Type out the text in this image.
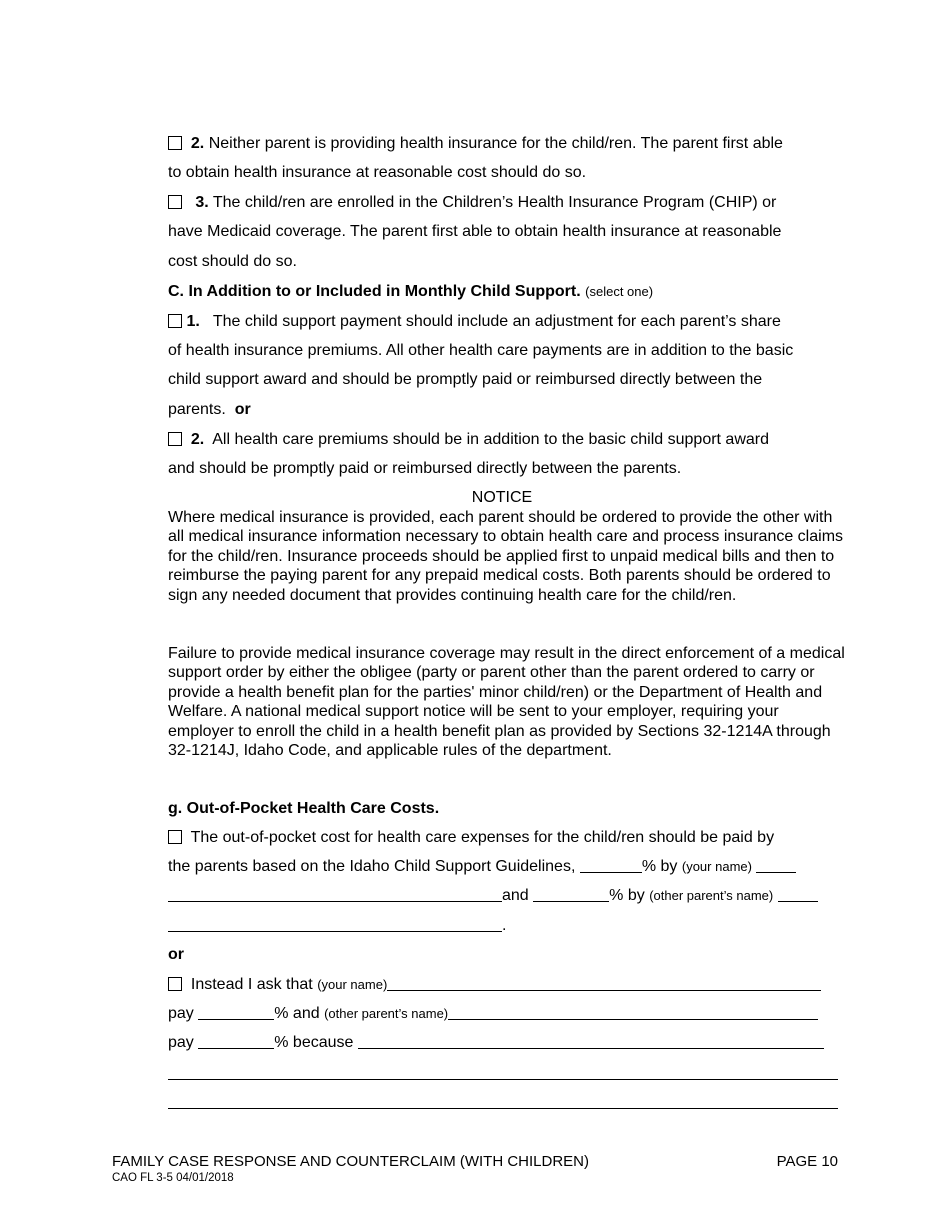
2. Neither parent is providing health insurance for the child/ren. The parent first able
to obtain health insurance at reasonable cost should do so.
3. The child/ren are enrolled in the Children’s Health Insurance Program (CHIP) or
have Medicaid coverage. The parent first able to obtain health insurance at reasonable
cost should do so.
C. In Addition to or Included in Monthly Child Support. (select one)
1. The child support payment should include an adjustment for each parent’s share
of health insurance premiums. All other health care payments are in addition to the basic
child support award and should be promptly paid or reimbursed directly between the
parents. or
2. All health care premiums should be in addition to the basic child support award
and should be promptly paid or reimbursed directly between the parents.
NOTICE
Where medical insurance is provided, each parent should be ordered to provide the other with all medical insurance information necessary to obtain health care and process insurance claims for the child/ren. Insurance proceeds should be applied first to unpaid medical bills and then to reimburse the paying parent for any prepaid medical costs. Both parents should be ordered to sign any needed document that provides continuing health care for the child/ren.
Failure to provide medical insurance coverage may result in the direct enforcement of a medical support order by either the obligee (party or parent other than the parent ordered to carry or provide a health benefit plan for the parties' minor child/ren) or the Department of Health and Welfare. A national medical support notice will be sent to your employer, requiring your employer to enroll the child in a health benefit plan as provided by Sections 32-1214A through 32-1214J, Idaho Code, and applicable rules of the department.
g. Out-of-Pocket Health Care Costs.
The out-of-pocket cost for health care expenses for the child/ren should be paid by
the parents based on the Idaho Child Support Guidelines,	% by (your name)
and	% by (other parent’s name)
.
or
Instead I ask that (your name)
pay	% and (other parent’s name)
pay	% because
FAMILY CASE RESPONSE AND COUNTERCLAIM (WITH CHILDREN)	PAGE 10
CAO FL 3-5 04/01/2018
